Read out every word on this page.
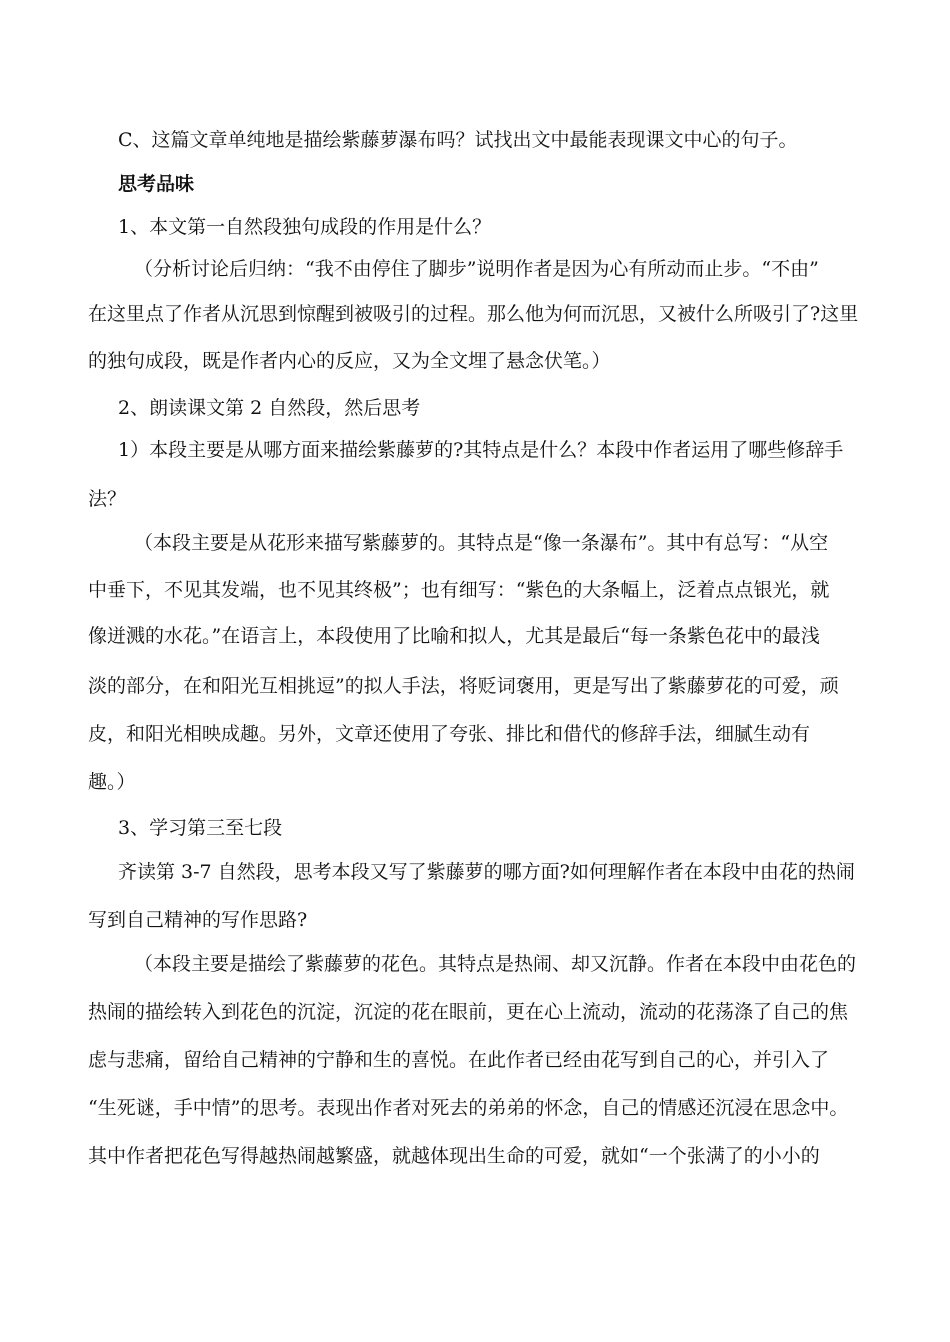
C、这篇文章单纯地是描绘紫藤萝瀑布吗？试找出文中最能表现课文中心的句子。
思考品味
1、本文第一自然段独句成段的作用是什么？
（分析讨论后归纳：“我不由停住了脚步”说明作者是因为心有所动而止步。“不由”
在这里点了作者从沉思到惊醒到被吸引的过程。那么他为何而沉思，又被什么所吸引了?这里
的独句成段，既是作者内心的反应，又为全文埋了悬念伏笔。）
2、朗读课文第 2 自然段，然后思考
1）本段主要是从哪方面来描绘紫藤萝的?其特点是什么？本段中作者运用了哪些修辞手
法？
（本段主要是从花形来描写紫藤萝的。其特点是“像一条瀑布”。其中有总写：“从空
中垂下，不见其发端，也不见其终极”；也有细写：“紫色的大条幅上，泛着点点银光，就
像迸溅的水花。”在语言上，本段使用了比喻和拟人，尤其是最后“每一条紫色花中的最浅
淡的部分，在和阳光互相挑逗”的拟人手法，将贬词褒用，更是写出了紫藤萝花的可爱，顽
皮，和阳光相映成趣。另外，文章还使用了夸张、排比和借代的修辞手法，细腻生动有
趣。）
3、学习第三至七段
齐读第 3-7 自然段，思考本段又写了紫藤萝的哪方面?如何理解作者在本段中由花的热闹
写到自己精神的写作思路?
（本段主要是描绘了紫藤萝的花色。其特点是热闹、却又沉静。作者在本段中由花色的
热闹的描绘转入到花色的沉淀，沉淀的花在眼前，更在心上流动，流动的花荡涤了自己的焦
虑与悲痛，留给自己精神的宁静和生的喜悦。在此作者已经由花写到自己的心，并引入了
“生死谜，手中情”的思考。表现出作者对死去的弟弟的怀念，自己的情感还沉浸在思念中。
其中作者把花色写得越热闹越繁盛，就越体现出生命的可爱，就如“一个张满了的小小的
